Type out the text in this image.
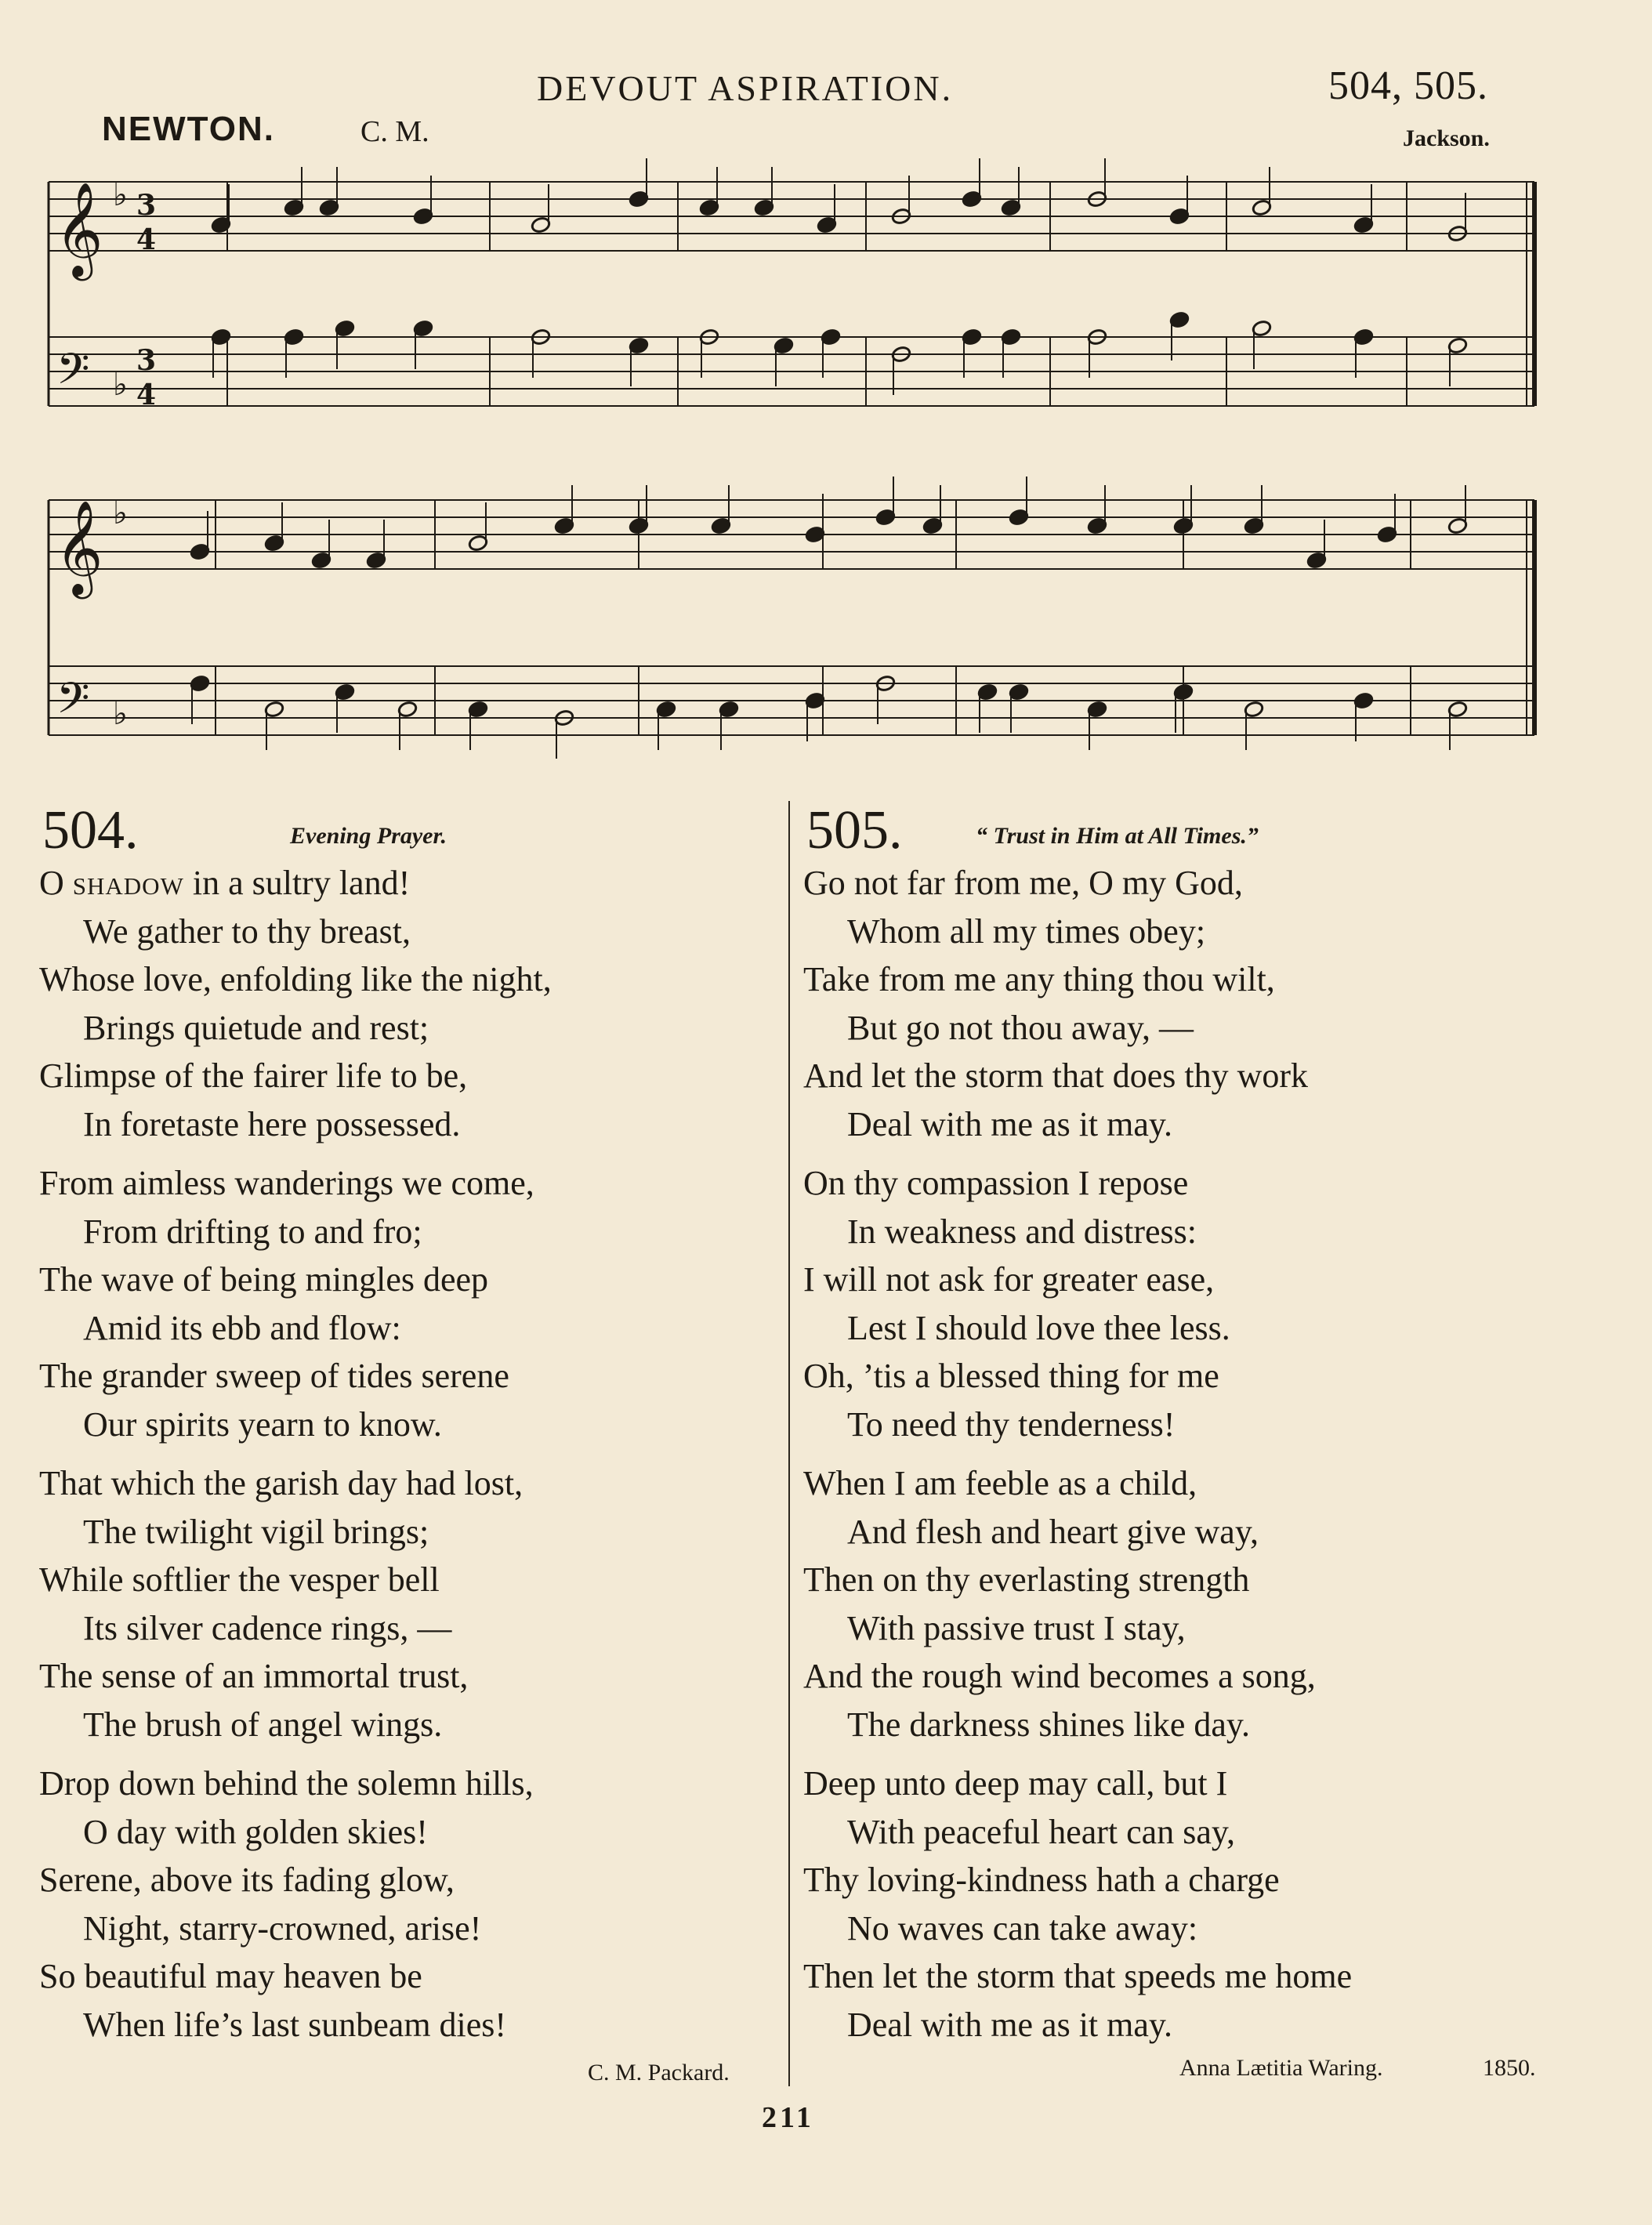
DEVOUT ASPIRATION.	504, 505.
NEWTON.	C. M.	Jackson.
𝄞
𝄢
♭
♭
3
4
3
4
𝄞
𝄢
♭
♭
504.	Evening Prayer.
O shadow in a sultry land!
We gather to thy breast,
Whose love, enfolding like the night,
Brings quietude and rest;
Glimpse of the fairer life to be,
In foretaste here possessed.
From aimless wanderings we come,
From drifting to and fro;
The wave of being mingles deep
Amid its ebb and flow:
The grander sweep of tides serene
Our spirits yearn to know.
That which the garish day had lost,
The twilight vigil brings;
While softlier the vesper bell
Its silver cadence rings, —
The sense of an immortal trust,
The brush of angel wings.
Drop down behind the solemn hills,
O day with golden skies!
Serene, above its fading glow,
Night, starry-crowned, arise!
So beautiful may heaven be
When life’s last sunbeam dies!
505.	“ Trust in Him at All Times.”
Go not far from me, O my God,
Whom all my times obey;
Take from me any thing thou wilt,
But go not thou away, —
And let the storm that does thy work
Deal with me as it may.
On thy compassion I repose
In weakness and distress:
I will not ask for greater ease,
Lest I should love thee less.
Oh, ’tis a blessed thing for me
To need thy tenderness!
When I am feeble as a child,
And flesh and heart give way,
Then on thy everlasting strength
With passive trust I stay,
And the rough wind becomes a song,
The darkness shines like day.
Deep unto deep may call, but I
With peaceful heart can say,
Thy loving-kindness hath a charge
No waves can take away:
Then let the storm that speeds me home
Deal with me as it may.
C. M. Packard.	Anna Lætitia Waring.	1850.
211
